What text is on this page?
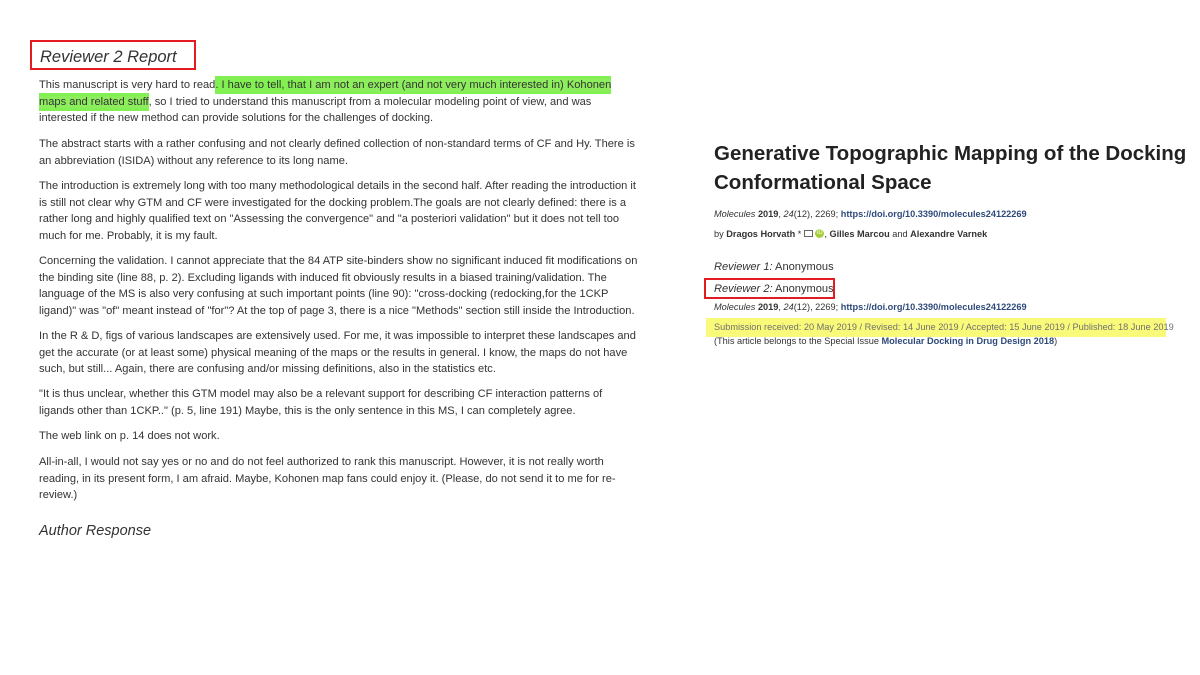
Reviewer 2 Report

This manuscript is very hard to read. I have to tell, that I am not an expert (and not very much interested in) Kohonen maps and related stuff, so I tried to understand this manuscript from a molecular modeling point of view, and was interested if the new method can provide solutions for the challenges of docking.

The abstract starts with a rather confusing and not clearly defined collection of non-standard terms of CF and Hy. There is an abbreviation (ISIDA) without any reference to its long name.

The introduction is extremely long with too many methodological details in the second half. After reading the introduction it is still not clear why GTM and CF were investigated for the docking problem.The goals are not clearly defined: there is a rather long and highly qualified text on "Assessing the convergence" and "a posteriori validation" but it does not tell too much for me. Probably, it is my fault.

Concerning the validation. I cannot appreciate that the 84 ATP site-binders show no significant induced fit modifications on the binding site (line 88, p. 2). Excluding ligands with induced fit obviously results in a biased training/validation. The language of the MS is also very confusing at such important points (line 90): "cross-docking (redocking,for the 1CKP ligand)" was "of" meant instead of "for"? At the top of page 3, there is a nice "Methods" section still inside the Introduction.

In the R & D, figs of various landscapes are extensively used. For me, it was impossible to interpret these landscapes and get the accurate (or at least some) physical meaning of the maps or the results in general. I know, the maps do not have such, but still... Again, there are confusing and/or missing definitions, also in the statistics etc.

"It is thus unclear, whether this GTM model may also be a relevant support for describing CF interaction patterns of ligands other than 1CKP.." (p. 5, line 191) Maybe, this is the only sentence in this MS, I can completely agree.

The web link on p. 14 does not work.

All-in-all, I would not say yes or no and do not feel authorized to rank this manuscript. However, it is not really worth reading, in its present form, I am afraid. Maybe, Kohonen map fans could enjoy it. (Please, do not send it to me for re-review.)

Author Response
Generative Topographic Mapping of the Docking Conformational Space
Molecules 2019, 24(12), 2269; https://doi.org/10.3390/molecules24122269
by Dragos Horvath *	iD , Gilles Marcou and Alexandre Varnek
Reviewer 1: Anonymous
Reviewer 2: Anonymous
Molecules 2019, 24(12), 2269; https://doi.org/10.3390/molecules24122269
Submission received: 20 May 2019 / Revised: 14 June 2019 / Accepted: 15 June 2019 / Published: 18 June 2019
(This article belongs to the Special Issue Molecular Docking in Drug Design 2018)
